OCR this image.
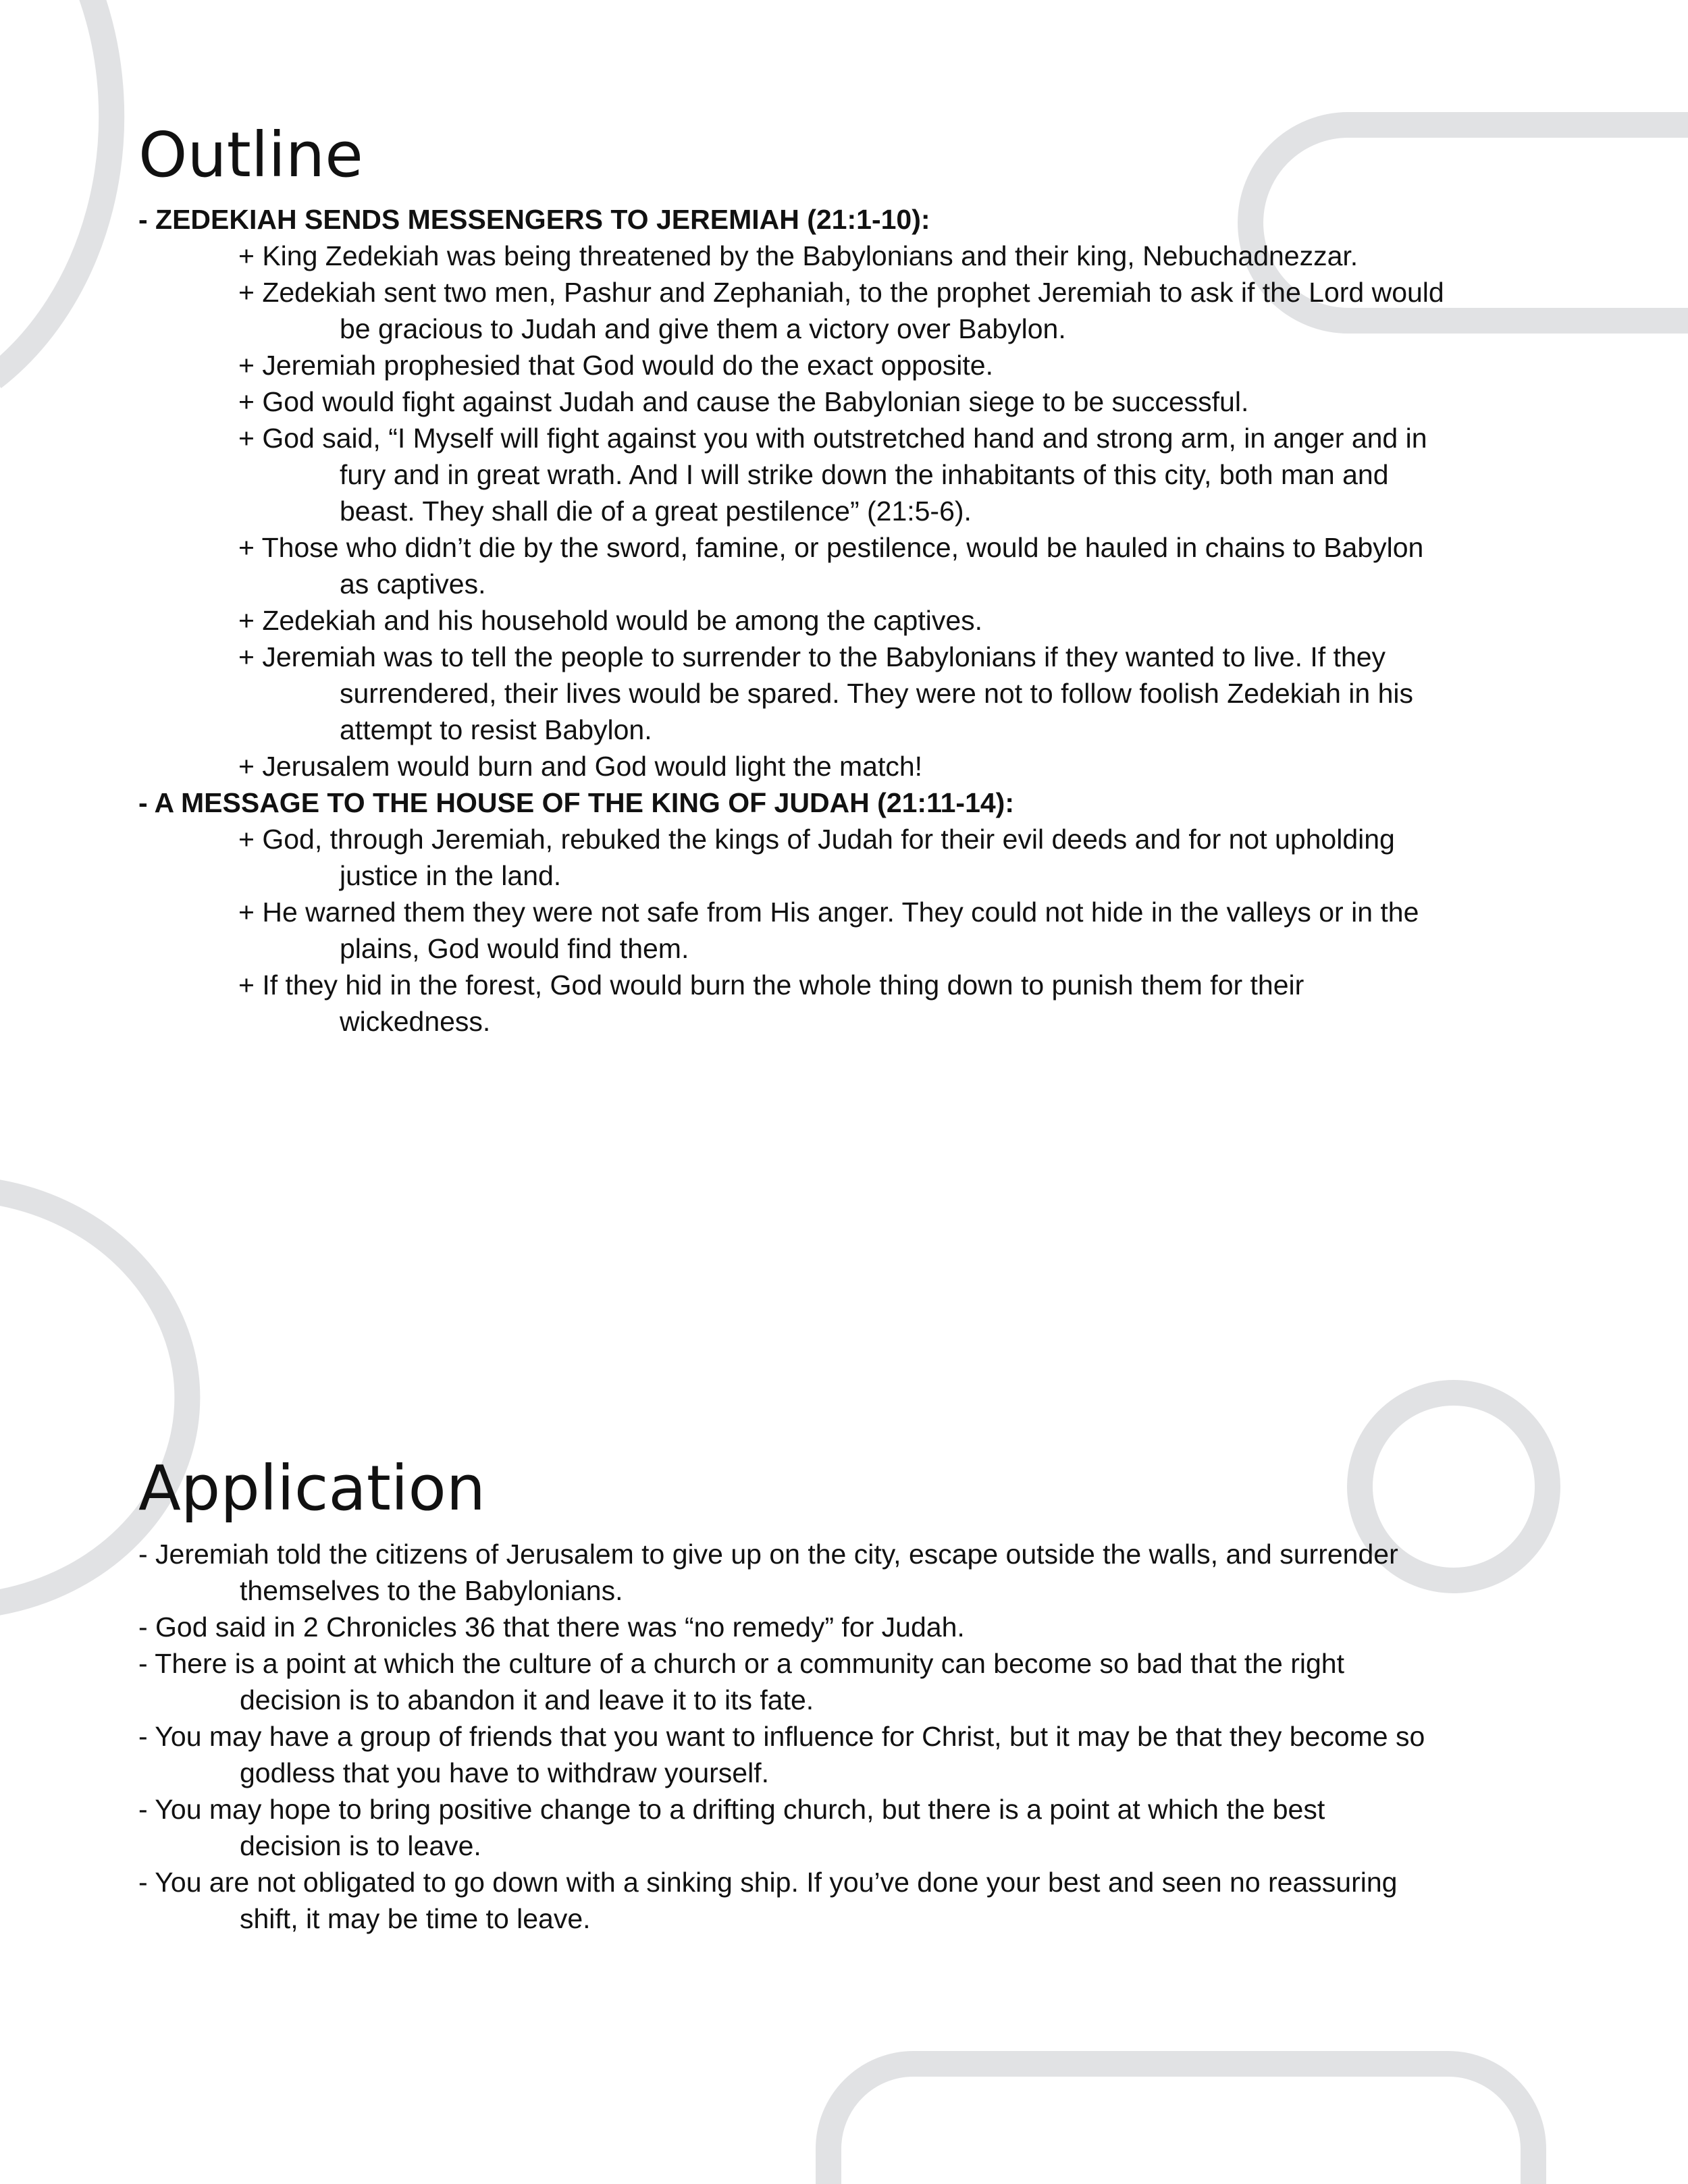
Outline
- ZEDEKIAH SENDS MESSENGERS TO JEREMIAH (21:1-10):
+ King Zedekiah was being threatened by the Babylonians and their king, Nebuchadnezzar.
+ Zedekiah sent two men, Pashur and Zephaniah, to the prophet Jeremiah to ask if the Lord would
be gracious to Judah and give them a victory over Babylon.
+ Jeremiah prophesied that God would do the exact opposite.
+ God would fight against Judah and cause the Babylonian siege to be successful.
+ God said, “I Myself will fight against you with outstretched hand and strong arm, in anger and in
fury and in great wrath. And I will strike down the inhabitants of this city, both man and
beast. They shall die of a great pestilence” (21:5-6).
+ Those who didn’t die by the sword, famine, or pestilence, would be hauled in chains to Babylon
as captives.
+ Zedekiah and his household would be among the captives.
+ Jeremiah was to tell the people to surrender to the Babylonians if they wanted to live. If they
surrendered, their lives would be spared. They were not to follow foolish Zedekiah in his
attempt to resist Babylon.
+ Jerusalem would burn and God would light the match!
- A MESSAGE TO THE HOUSE OF THE KING OF JUDAH (21:11-14):
+ God, through Jeremiah, rebuked the kings of Judah for their evil deeds and for not upholding
justice in the land.
+ He warned them they were not safe from His anger. They could not hide in the valleys or in the
plains, God would find them.
+ If they hid in the forest, God would burn the whole thing down to punish them for their
wickedness.
Application
- Jeremiah told the citizens of Jerusalem to give up on the city, escape outside the walls, and surrender
themselves to the Babylonians.
- God said in 2 Chronicles 36 that there was “no remedy” for Judah.
- There is a point at which the culture of a church or a community can become so bad that the right
decision is to abandon it and leave it to its fate.
- You may have a group of friends that you want to influence for Christ, but it may be that they become so
godless that you have to withdraw yourself.
- You may hope to bring positive change to a drifting church, but there is a point at which the best
decision is to leave.
- You are not obligated to go down with a sinking ship. If you’ve done your best and seen no reassuring
shift, it may be time to leave.
